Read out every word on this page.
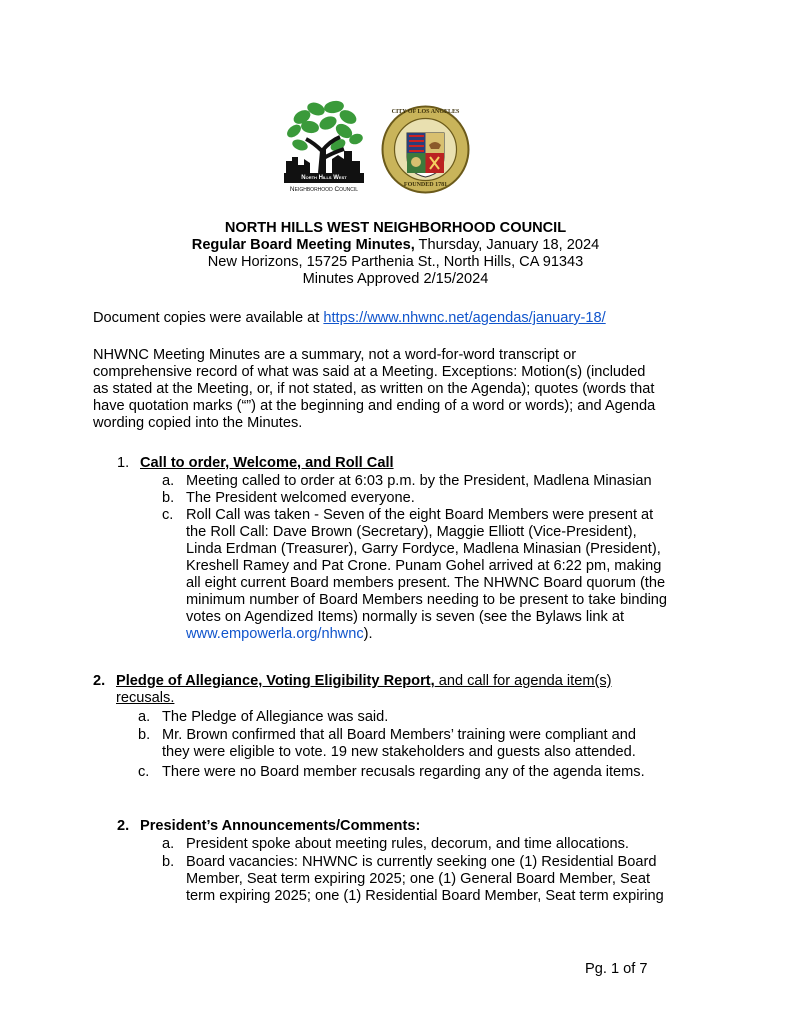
North Hills West
Neighborhood Council
CITY OF LOS ANGELES
FOUNDED 1781
NORTH HILLS WEST NEIGHBORHOOD COUNCIL
Regular Board Meeting Minutes, Thursday, January 18, 2024
New Horizons, 15725 Parthenia St., North Hills, CA 91343
Minutes Approved 2/15/2024
Document copies were available at https://www.nhwnc.net/agendas/january-18/
NHWNC Meeting Minutes are a summary, not a word-for-word transcript or
comprehensive record of what was said at a Meeting. Exceptions: Motion(s) (included
as stated at the Meeting, or, if not stated, as written on the Agenda); quotes (words that
have quotation marks (“”) at the beginning and ending of a word or words); and Agenda
wording copied into the Minutes.
1. Call to order, Welcome, and Roll Call
a. Meeting called to order at 6:03 p.m. by the President, Madlena Minasian
b. The President welcomed everyone.
c. Roll Call was taken - Seven of the eight Board Members were present at
the Roll Call: Dave Brown (Secretary), Maggie Elliott (Vice-President),
Linda Erdman (Treasurer), Garry Fordyce, Madlena Minasian (President),
Kreshell Ramey and Pat Crone. Punam Gohel arrived at 6:22 pm, making
all eight current Board members present. The NHWNC Board quorum (the
minimum number of Board Members needing to be present to take binding
votes on Agendized Items) normally is seven (see the Bylaws link at
www.empowerla.org/nhwnc).
2. Pledge of Allegiance, Voting Eligibility Report, and call for agenda item(s)
recusals.
a. The Pledge of Allegiance was said.
b. Mr. Brown confirmed that all Board Members’ training were compliant and
they were eligible to vote. 19 new stakeholders and guests also attended.
c. There were no Board member recusals regarding any of the agenda items.
2. President’s Announcements/Comments:
a. President spoke about meeting rules, decorum, and time allocations.
b. Board vacancies: NHWNC is currently seeking one (1) Residential Board
Member, Seat term expiring 2025; one (1) General Board Member, Seat
term expiring 2025; one (1) Residential Board Member, Seat term expiring
Pg. 1 of 7
